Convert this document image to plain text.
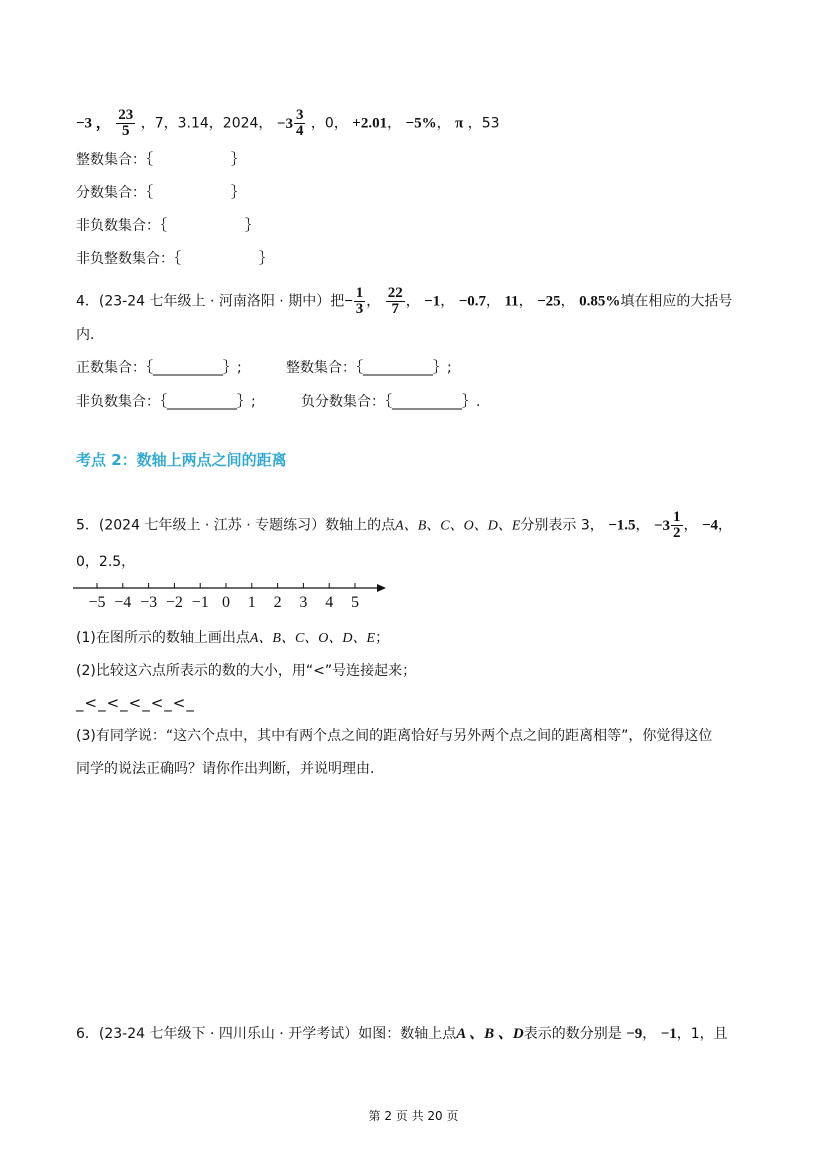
−3 ， $\frac{23}{5}$ ，7，3.14，2024， $-3 \frac{3}{4}$ ，0， +2.01， −5%， π ，53
整数集合：｛	｝
分数集合：｛	｝
非负数集合：｛	｝
非负整数集合：｛	｝
4．(23-24 七年级上 · 河南洛阳 · 期中）把− $\frac{1}{3}$ ， $\frac{22}{7}$ ， −1， −0.7， 11， −25， 0.85%填在相应的大括号
内.
正数集合：｛__________｝;	整数集合：｛__________｝;
非负数集合：｛__________｝;	负分数集合：｛__________｝.
考点 2：数轴上两点之间的距离
5．(2024 七年级上 · 江苏 · 专题练习）数轴上的点A、B、C、O、D、E分别表示 3， −1.5， $-3 \frac{1}{2}$ ， −4，
0，2.5，
−5 −4 −3 −2 −1 0 1 2 3 4 5
(1)在图所示的数轴上画出点A、B、C、O、D、E；
(2)比较这六点所表示的数的大小，用“<”号连接起来；
_<_<_<_<_<_
(3)有同学说：“这六个点中，其中有两个点之间的距离恰好与另外两个点之间的距离相等”，你觉得这位
同学的说法正确吗？请你作出判断，并说明理由.
6．(23-24 七年级下 · 四川乐山 · 开学考试）如图：数轴上点A 、B 、D表示的数分别是 −9， −1，1，且
第 2 页 共 20 页
